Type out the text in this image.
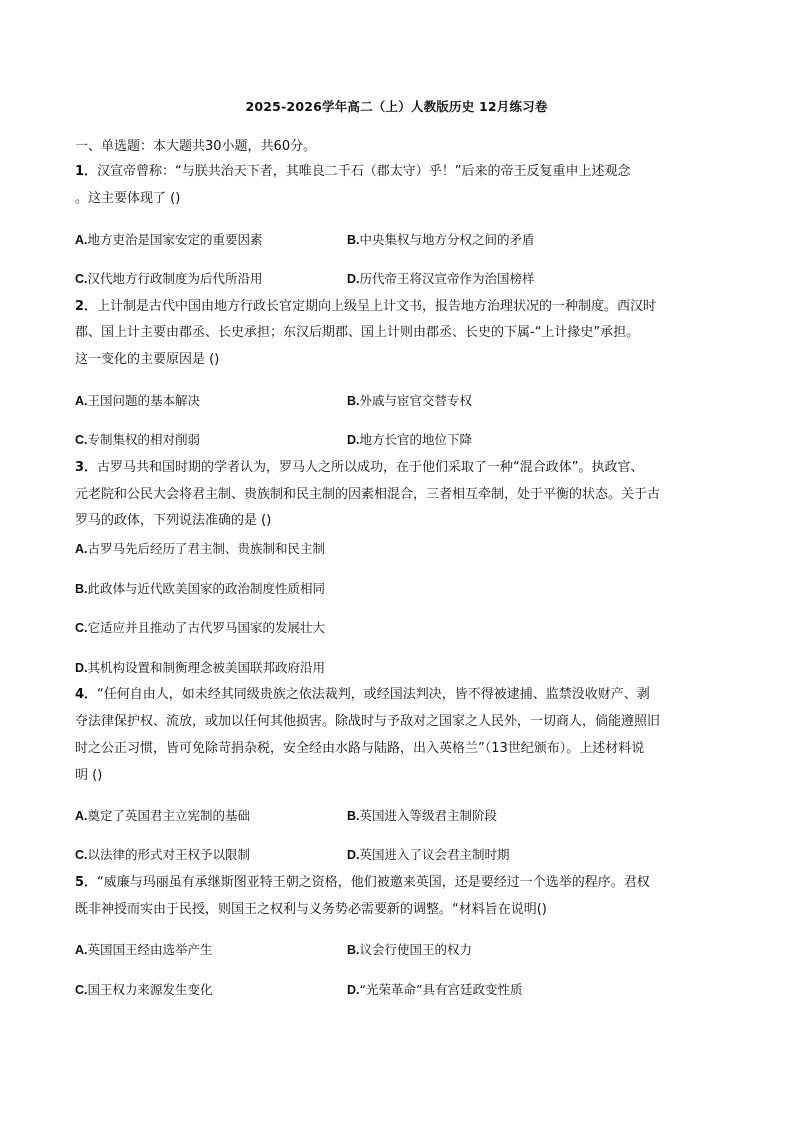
2025-2026学年高二（上）人教版历史 12月练习卷
一、单选题：本大题共30小题，共60分。
1．汉宣帝曾称：“与朕共治天下者，其唯良二千石（郡太守）乎！”后来的帝王反复重申上述观念
。这主要体现了 ()
A.地方吏治是国家安定的重要因素	B.中央集权与地方分权之间的矛盾
C.汉代地方行政制度为后代所沿用	D.历代帝王将汉宣帝作为治国榜样
2．上计制是古代中国由地方行政长官定期向上级呈上计文书，报告地方治理状况的一种制度。西汉时
郡、国上计主要由郡丞、长史承担；东汉后期郡、国上计则由郡丞、长史的下属-“上计掾史”承担。
这一变化的主要原因是 ()
A.王国问题的基本解决	B.外戚与宦官交替专权
C.专制集权的相对削弱	D.地方长官的地位下降
3．古罗马共和国时期的学者认为，罗马人之所以成功，在于他们采取了一种“混合政体”。执政官、
元老院和公民大会将君主制、贵族制和民主制的因素相混合，三者相互牵制，处于平衡的状态。关于古
罗马的政体，下列说法准确的是 ()
A.古罗马先后经历了君主制、贵族制和民主制
B.此政体与近代欧美国家的政治制度性质相同
C.它适应并且推动了古代罗马国家的发展壮大
D.其机构设置和制衡理念被美国联邦政府沿用
4．“任何自由人，如未经其同级贵族之依法裁判，或经国法判决，皆不得被逮捕、监禁没收财产、剥
夺法律保护权、流放，或加以任何其他损害。除战时与予敌对之国家之人民外，一切商人，倘能遵照旧
时之公正习惯，皆可免除苛捐杂税，安全经由水路与陆路，出入英格兰”（13世纪颁布）。上述材料说
明 ()
A.奠定了英国君主立宪制的基础	B.英国进入等级君主制阶段
C.以法律的形式对王权予以限制	D.英国进入了议会君主制时期
5．“威廉与玛丽虽有承继斯图亚特王朝之资格，他们被邀来英国，还是要经过一个选举的程序。君权
既非神授而实由于民授，则国王之权利与义务势必需要新的调整。“材料旨在说明()
A.英国国王经由选举产生	B.议会行使国王的权力
C.国王权力来源发生变化	D.“光荣革命”具有宫廷政变性质
